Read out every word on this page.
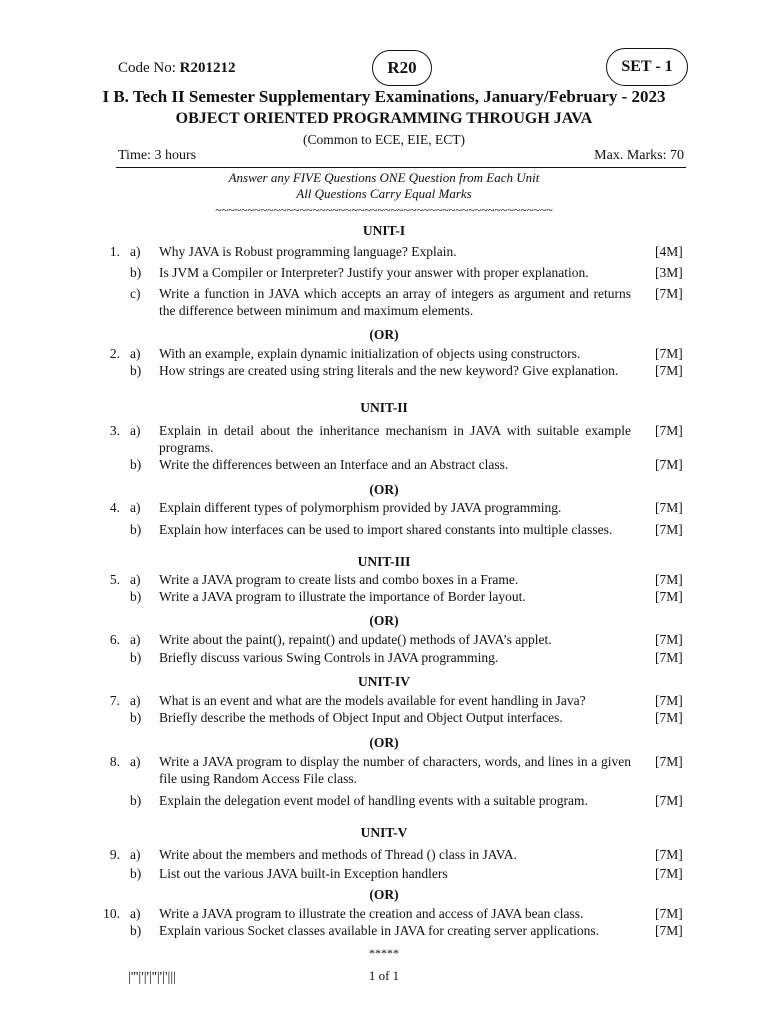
Code No: R201212	R20	SET - 1
I B. Tech II Semester Supplementary Examinations, January/February - 2023
OBJECT ORIENTED PROGRAMMING THROUGH JAVA
(Common to ECE, EIE, ECT)
Time: 3 hours	Max. Marks: 70
Answer any FIVE Questions ONE Question from Each Unit
All Questions Carry Equal Marks
~~~~~~~~~~~~~~~~~~~~~~~~~~~~~~~~~~~~~~~~~~~~~~~~~~~~
UNIT-I
1. a) Why JAVA is Robust programming language? Explain.	[4M]
b) Is JVM a Compiler or Interpreter? Justify your answer with proper explanation.	[3M]
c) Write a function in JAVA which accepts an array of integers as argument and returns the difference between minimum and maximum elements.
[7M]
(OR)
2. a) With an example, explain dynamic initialization of objects using constructors.	[7M]
b) How strings are created using string literals and the new keyword? Give explanation.	[7M]
UNIT-II
3. a) Explain in detail about the inheritance mechanism in JAVA with suitable example programs.
[7M]
b) Write the differences between an Interface and an Abstract class.	[7M]
(OR)
4. a) Explain different types of polymorphism provided by JAVA programming.	[7M]
b) Explain how interfaces can be used to import shared constants into multiple classes.	[7M]
UNIT-III
5. a) Write a JAVA program to create lists and combo boxes in a Frame.	[7M]
b) Write a JAVA program to illustrate the importance of Border layout.	[7M]
(OR)
6. a) Write about the paint(), repaint() and update() methods of JAVA’s applet.	[7M]
b) Briefly discuss various Swing Controls in JAVA programming.	[7M]
UNIT-IV
7. a) What is an event and what are the models available for event handling in Java?	[7M]
b) Briefly describe the methods of Object Input and Object Output interfaces.	[7M]
(OR)
8. a) Write a JAVA program to display the number of characters, words, and lines in a given file using Random Access File class.
[7M]
b) Explain the delegation event model of handling events with a suitable program.	[7M]
UNIT-V
9. a) Write about the members and methods of Thread () class in JAVA.	[7M]
b) List out the various JAVA built-in Exception handlers	[7M]
(OR)
10. a) Write a JAVA program to illustrate the creation and access of JAVA bean class.	[7M]
b) Explain various Socket classes available in JAVA for creating server applications.	[7M]
*****
1 of 1
|'''|'|'|''|'|'|||
